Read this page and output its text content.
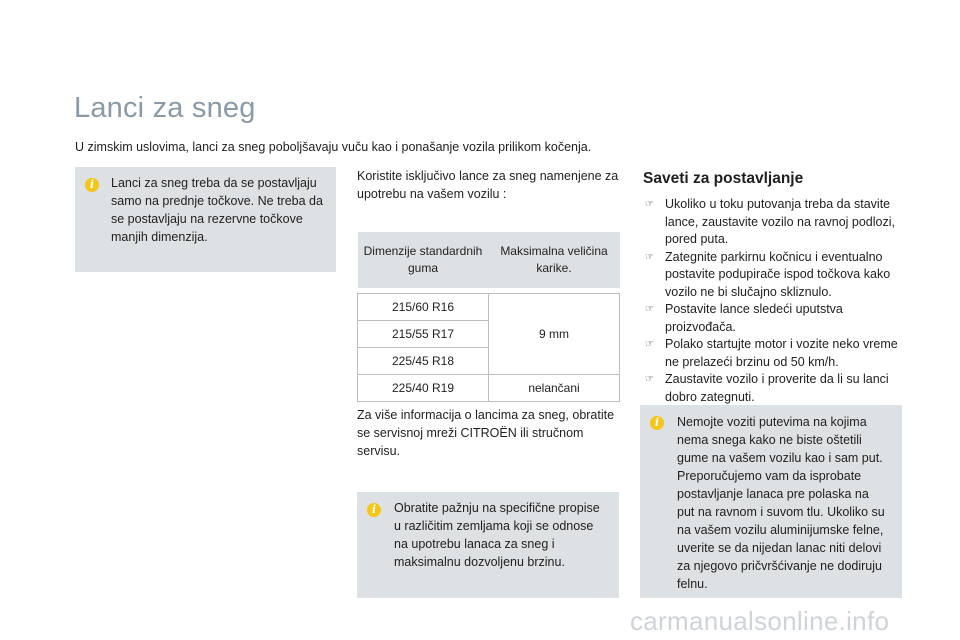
Lanci za sneg
U zimskim uslovima, lanci za sneg poboljšavaju vuču kao i ponašanje vozila prilikom kočenja.
i	Lanci za sneg treba da se postavljaju samo na prednje točkove. Ne treba da se postavljaju na rezervne točkove manjih dimenzija.
Koristite isključivo lance za sneg namenjene za upotrebu na vašem vozilu :
Dimenzije standardnih guma	Maksimalna veličina karike.

215/60 R16	9 mm
215/55 R17	
225/45 R18	
225/40 R19	nelančani
Za više informacija o lancima za sneg, obratite se servisnoj mreži CITROËN ili stručnom servisu.
i	Obratite pažnju na specifične propise u različitim zemljama koji se odnose na upotrebu lanaca za sneg i maksimalnu dozvoljenu brzinu.
Saveti za postavljanje
☞ Ukoliko u toku putovanja treba da stavite lance, zaustavite vozilo na ravnoj podlozi, pored puta.
☞ Zategnite parkirnu kočnicu i eventualno postavite podupirače ispod točkova kako vozilo ne bi slučajno skliznulo.
☞ Postavite lance sledeći uputstva proizvođača.
☞ Polako startujte motor i vozite neko vreme ne prelazeći brzinu od 50 km/h.
☞ Zaustavite vozilo i proverite da li su lanci dobro zategnuti.
i	Nemojte voziti putevima na kojima nema snega kako ne biste oštetili gume na vašem vozilu kao i sam put. Preporučujemo vam da isprobate postavljanje lanaca pre polaska na put na ravnom i suvom tlu. Ukoliko su na vašem vozilu aluminijumske felne, uverite se da nijedan lanac niti delovi za njegovo pričvršćivanje ne dodiruju felnu.
carmanualsonline.info
